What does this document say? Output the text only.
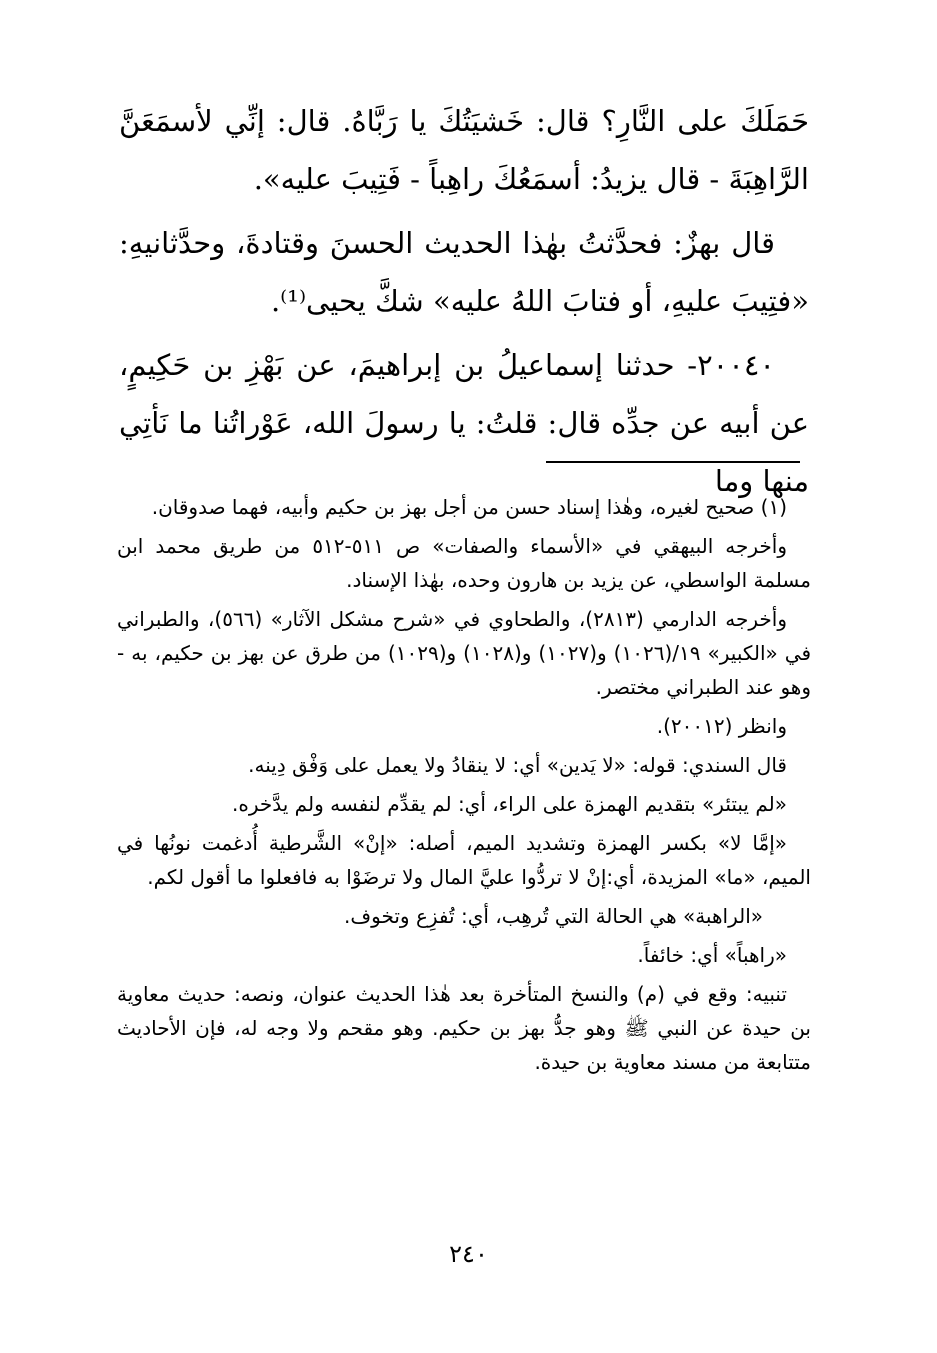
حَمَلَكَ على النَّارِ؟ قال: خَشيَتُكَ يا رَبَّاهُ. قال: إنِّي لأسمَعَنَّ الرَّاهِبَةَ - قال يزيدُ: أسمَعُكَ راهِباً - فَتِيبَ عليه».

قال بهزٌ: فحدَّثتُ بهٰذا الحديث الحسنَ وقتادةَ، وحدَّثانيهِ: «فتِيبَ عليهِ، أو فتابَ اللهُ عليه» شكَّ يحيى⁽¹⁾.

٢٠٠٤٠- حدثنا إسماعيلُ بن إبراهيمَ، عن بَهْزِ بن حَكِيمٍ، عن أبيه عن جدِّه قال: قلتُ: يا رسولَ الله، عَوْراتُنا ما نَأتِي منها وما

(١) صحيح لغيره، وهٰذا إسناد حسن من أجل بهز بن حكيم وأبيه، فهما صدوقان.

وأخرجه البيهقي في «الأسماء والصفات» ص ٥١١-٥١٢ من طريق محمد ابن مسلمة الواسطي، عن يزيد بن هارون وحده، بهٰذا الإسناد.

وأخرجه الدارمي (٢٨١٣)، والطحاوي في «شرح مشكل الآثار» (٥٦٦)، والطبراني في «الكبير» ١٩/(١٠٢٦) و(١٠٢٧) و(١٠٢٨) و(١٠٢٩) من طرق عن بهز بن حكيم، به - وهو عند الطبراني مختصر.

وانظر (٢٠٠١٢).

قال السندي: قوله: «لا يَدين» أي: لا ينقادُ ولا يعمل على وَفْق دِينه.

«لم يبتئر» بتقديم الهمزة على الراء، أي: لم يقدِّم لنفسه ولم يدَّخره.

«إمَّا لا» بكسر الهمزة وتشديد الميم، أصله: «إنْ» الشَّرطية أُدغمت نونُها في الميم، «ما» المزيدة، أي:إنْ لا تردُّوا عليَّ المال ولا ترضَوْا به فافعلوا ما أقول لكم.

«الراهبة» هي الحالة التي تُرهِب، أي: تُفزِع وتخوف.

«راهباً» أي: خائفاً.

تنبيه: وقع في (م) والنسخ المتأخرة بعد هٰذا الحديث عنوان، ونصه: حديث معاوية بن حيدة عن النبي ﷺ وهو جدُّ بهز بن حكيم. وهو مقحم ولا وجه له، فإن الأحاديث متتابعة من مسند معاوية بن حيدة.

٢٤٠
